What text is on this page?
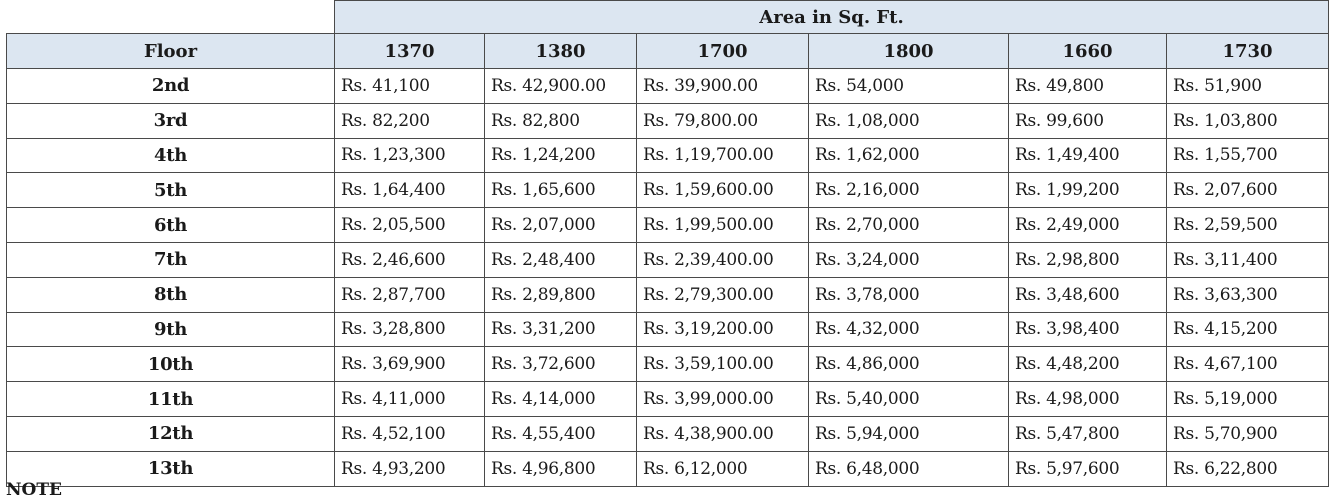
	Area in Sq. Ft.					
Floor	1370	1380	1700	1800	1660	1730
2nd	Rs. 41,100	Rs. 42,900.00	Rs. 39,900.00	Rs. 54,000	Rs. 49,800	Rs. 51,900
3rd	Rs. 82,200	Rs. 82,800	Rs. 79,800.00	Rs. 1,08,000	Rs. 99,600	Rs. 1,03,800
4th	Rs. 1,23,300	Rs. 1,24,200	Rs. 1,19,700.00	Rs. 1,62,000	Rs. 1,49,400	Rs. 1,55,700
5th	Rs. 1,64,400	Rs. 1,65,600	Rs. 1,59,600.00	Rs. 2,16,000	Rs. 1,99,200	Rs. 2,07,600
6th	Rs. 2,05,500	Rs. 2,07,000	Rs. 1,99,500.00	Rs. 2,70,000	Rs. 2,49,000	Rs. 2,59,500
7th	Rs. 2,46,600	Rs. 2,48,400	Rs. 2,39,400.00	Rs. 3,24,000	Rs. 2,98,800	Rs. 3,11,400
8th	Rs. 2,87,700	Rs. 2,89,800	Rs. 2,79,300.00	Rs. 3,78,000	Rs. 3,48,600	Rs. 3,63,300
9th	Rs. 3,28,800	Rs. 3,31,200	Rs. 3,19,200.00	Rs. 4,32,000	Rs. 3,98,400	Rs. 4,15,200
10th	Rs. 3,69,900	Rs. 3,72,600	Rs. 3,59,100.00	Rs. 4,86,000	Rs. 4,48,200	Rs. 4,67,100
11th	Rs. 4,11,000	Rs. 4,14,000	Rs. 3,99,000.00	Rs. 5,40,000	Rs. 4,98,000	Rs. 5,19,000
12th	Rs. 4,52,100	Rs. 4,55,400	Rs. 4,38,900.00	Rs. 5,94,000	Rs. 5,47,800	Rs. 5,70,900
13th	Rs. 4,93,200	Rs. 4,96,800	Rs. 6,12,000	Rs. 6,48,000	Rs. 5,97,600	Rs. 6,22,800
NOTE
